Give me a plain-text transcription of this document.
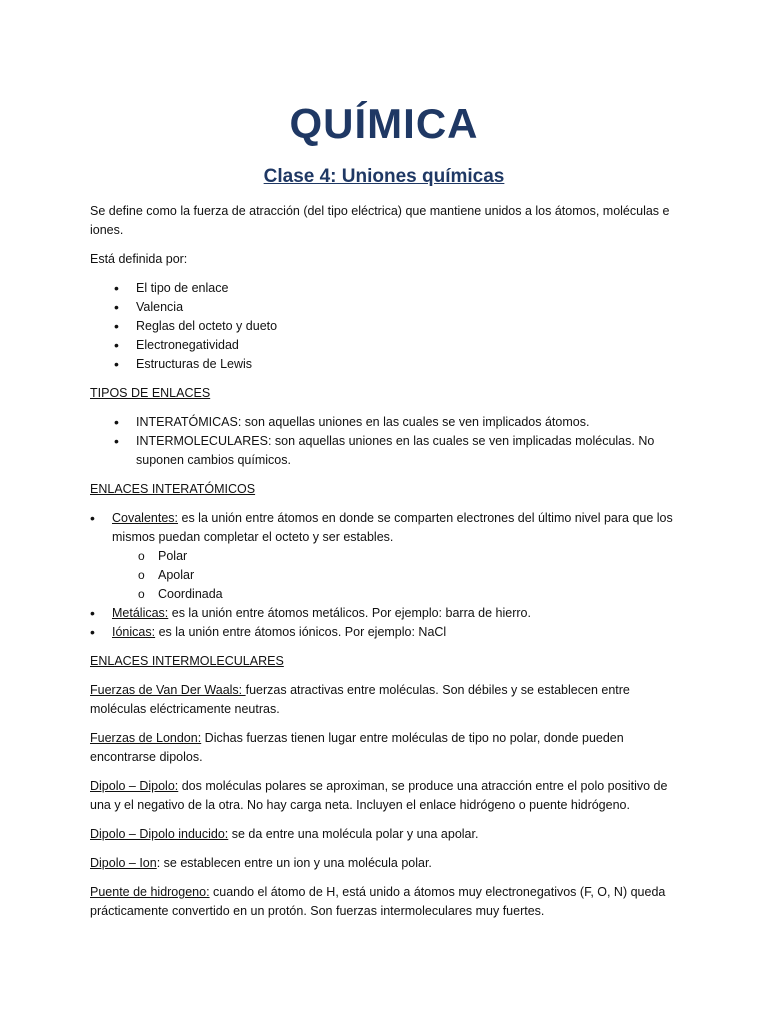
QUÍMICA
Clase 4: Uniones químicas

Se define como la fuerza de atracción (del tipo eléctrica) que mantiene unidos a los átomos, moléculas e iones.

Está definida por:

• El tipo de enlace
• Valencia
• Reglas del octeto y dueto
• Electronegatividad
• Estructuras de Lewis

TIPOS DE ENLACES

• INTERATÓMICAS: son aquellas uniones en las cuales se ven implicados átomos.
• INTERMOLECULARES: son aquellas uniones en las cuales se ven implicadas moléculas. No suponen cambios químicos.

ENLACES INTERATÓMICOS

• Covalentes: es la unión entre átomos en donde se comparten electrones del último nivel para que los mismos puedan completar el octeto y ser estables.
o Polar
o Apolar
o Coordinada
• Metálicas: es la unión entre átomos metálicos. Por ejemplo: barra de hierro.
• Iónicas: es la unión entre átomos iónicos. Por ejemplo: NaCl

ENLACES INTERMOLECULARES

Fuerzas de Van Der Waals: fuerzas atractivas entre moléculas. Son débiles y se establecen entre moléculas eléctricamente neutras.

Fuerzas de London: Dichas fuerzas tienen lugar entre moléculas de tipo no polar, donde pueden encontrarse dipolos.

Dipolo – Dipolo: dos moléculas polares se aproximan, se produce una atracción entre el polo positivo de una y el negativo de la otra. No hay carga neta. Incluyen el enlace hidrógeno o puente hidrógeno.

Dipolo – Dipolo inducido: se da entre una molécula polar y una apolar.

Dipolo – Ion: se establecen entre un ion y una molécula polar.

Puente de hidrogeno: cuando el átomo de H, está unido a átomos muy electronegativos (F, O, N) queda prácticamente convertido en un protón. Son fuerzas intermoleculares muy fuertes.
